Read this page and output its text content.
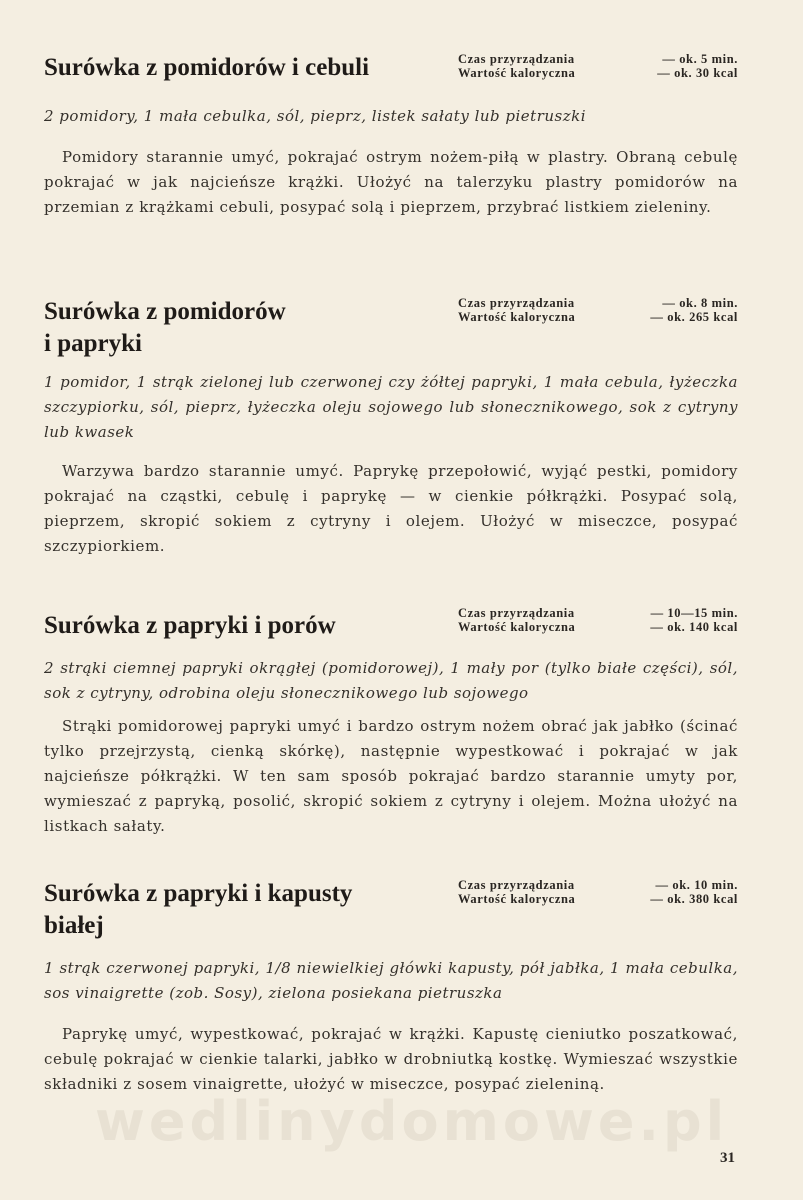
wedlinydomowe.pl
Surówka z pomidorów i cebuli	Czas przyrządzania	— ok. 5 min.
Wartość kaloryczna	— ok. 30 kcal

2 pomidory, 1 mała cebulka, sól, pieprz, listek sałaty lub pietruszki

Pomidory starannie umyć, pokrajać ostrym nożem-piłą w plastry. Obraną cebulę pokrajać w jak najcieńsze krążki. Ułożyć na talerzyku plastry pomidorów na przemian z krążkami cebuli, posypać solą i pieprzem, przybrać listkiem zieleniny.

Surówka z pomidorów
i papryki
Czas przyrządzania	— ok. 8 min.
Wartość kaloryczna	— ok. 265 kcal

1 pomidor, 1 strąk zielonej lub czerwonej czy żółtej papryki, 1 mała cebula, łyżeczka szczypiorku, sól, pieprz, łyżeczka oleju sojowego lub słonecznikowego, sok z cytryny lub kwasek

Warzywa bardzo starannie umyć. Paprykę przepołowić, wyjąć pestki, pomidory pokrajać na cząstki, cebulę i paprykę — w cienkie półkrążki. Posypać solą, pieprzem, skropić sokiem z cytryny i olejem. Ułożyć w miseczce, posypać szczypiorkiem.

Surówka z papryki i porów	Czas przyrządzania	— 10—15 min.
Wartość kaloryczna	— ok. 140 kcal

2 strąki ciemnej papryki okrągłej (pomidorowej), 1 mały por (tylko białe części), sól, sok z cytryny, odrobina oleju słonecznikowego lub sojowego

Strąki pomidorowej papryki umyć i bardzo ostrym nożem obrać jak jabłko (ścinać tylko przejrzystą, cienką skórkę), następnie wypestkować i pokrajać w jak najcieńsze półkrążki. W ten sam sposób pokrajać bardzo starannie umyty por, wymieszać z papryką, posolić, skropić sokiem z cytryny i olejem. Można ułożyć na listkach sałaty.

Surówka z papryki i kapusty
białej
Czas przyrządzania	— ok. 10 min.
Wartość kaloryczna	— ok. 380 kcal

1 strąk czerwonej papryki, 1/8 niewielkiej główki kapusty, pół jabłka, 1 mała cebulka, sos vinaigrette (zob. Sosy), zielona posiekana pietruszka

Paprykę umyć, wypestkować, pokrajać w krążki. Kapustę cieniutko poszatkować, cebulę pokrajać w cienkie talarki, jabłko w drobniutką kostkę. Wymieszać wszystkie składniki z sosem vinaigrette, ułożyć w miseczce, posypać zieleniną.

31
